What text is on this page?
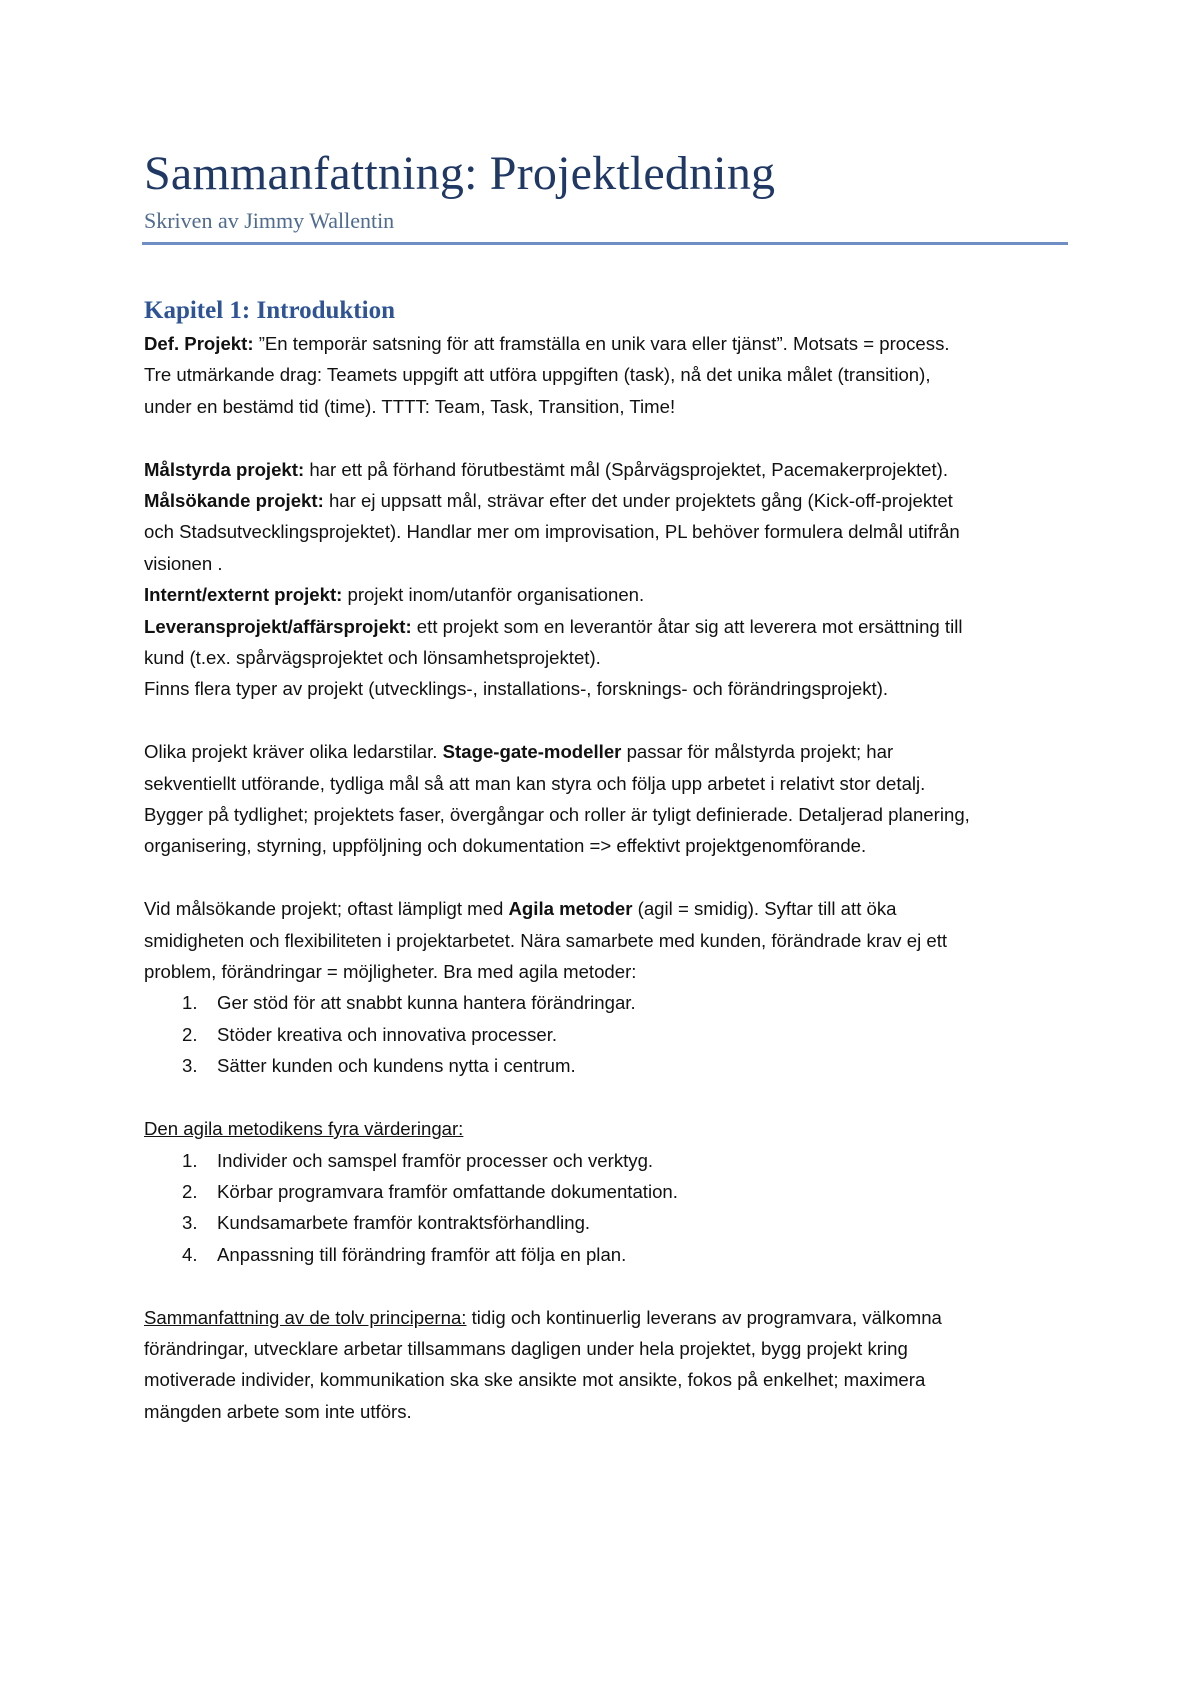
Sammanfattning: Projektledning
Skriven av Jimmy Wallentin
Kapitel 1: Introduktion

Def. Projekt: ”En temporär satsning för att framställa en unik vara eller tjänst”. Motsats = process.
Tre utmärkande drag: Teamets uppgift att utföra uppgiften (task), nå det unika målet (transition),
under en bestämd tid (time). TTTT: Team, Task, Transition, Time!

Målstyrda projekt: har ett på förhand förutbestämt mål (Spårvägsprojektet, Pacemakerprojektet).
Målsökande projekt: har ej uppsatt mål, strävar efter det under projektets gång (Kick-off-projektet
och Stadsutvecklingsprojektet). Handlar mer om improvisation, PL behöver formulera delmål utifrån
visionen .
Internt/externt projekt: projekt inom/utanför organisationen.
Leveransprojekt/affärsprojekt: ett projekt som en leverantör åtar sig att leverera mot ersättning till
kund (t.ex. spårvägsprojektet och lönsamhetsprojektet).
Finns flera typer av projekt (utvecklings-, installations-, forsknings- och förändringsprojekt).

Olika projekt kräver olika ledarstilar. Stage-gate-modeller passar för målstyrda projekt; har
sekventiellt utförande, tydliga mål så att man kan styra och följa upp arbetet i relativt stor detalj.
Bygger på tydlighet; projektets faser, övergångar och roller är tyligt definierade. Detaljerad planering,
organisering, styrning, uppföljning och dokumentation => effektivt projektgenomförande.

Vid målsökande projekt; oftast lämpligt med Agila metoder (agil = smidig). Syftar till att öka
smidigheten och flexibiliteten i projektarbetet. Nära samarbete med kunden, förändrade krav ej ett
problem, förändringar = möjligheter. Bra med agila metoder:

1. Ger stöd för att snabbt kunna hantera förändringar.
2. Stöder kreativa och innovativa processer.
3. Sätter kunden och kundens nytta i centrum.

Den agila metodikens fyra värderingar:

1. Individer och samspel framför processer och verktyg.
2. Körbar programvara framför omfattande dokumentation.
3. Kundsamarbete framför kontraktsförhandling.
4. Anpassning till förändring framför att följa en plan.

Sammanfattning av de tolv principerna: tidig och kontinuerlig leverans av programvara, välkomna
förändringar, utvecklare arbetar tillsammans dagligen under hela projektet, bygg projekt kring
motiverade individer, kommunikation ska ske ansikte mot ansikte, fokos på enkelhet; maximera
mängden arbete som inte utförs.
